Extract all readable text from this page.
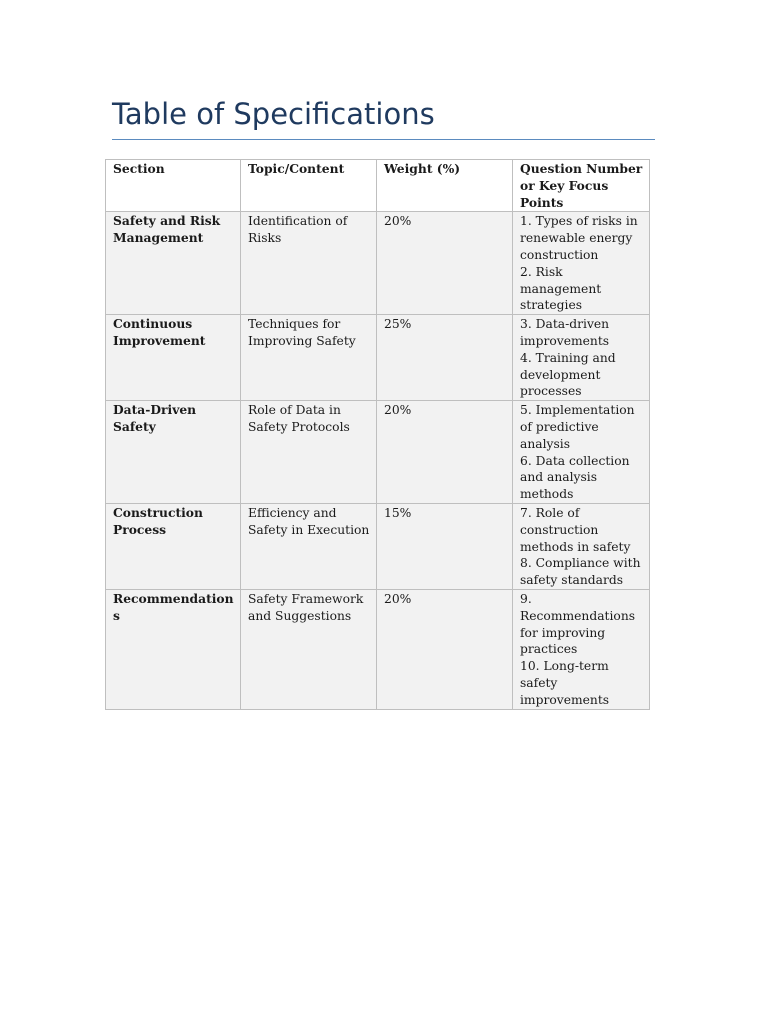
Table of Specifications
Section	Topic/Content	Weight (%)	Question Number or Key Focus Points
Safety and Risk Management	Identification of Risks	20%	1. Types of risks in renewable energy construction
2. Risk management strategies

Continuous Improvement	Techniques for Improving Safety	25%	3. Data-driven improvements
4. Training and development processes

Data-Driven Safety	Role of Data in Safety Protocols	20%	5. Implementation of predictive analysis
6. Data collection and analysis methods

Construction Process	Efficiency and Safety in Execution	15%	7. Role of construction methods in safety
8. Compliance with safety standards

Recommendations	Safety Framework and Suggestions	20%	9. Recommendations for improving practices
10. Long-term safety improvements
